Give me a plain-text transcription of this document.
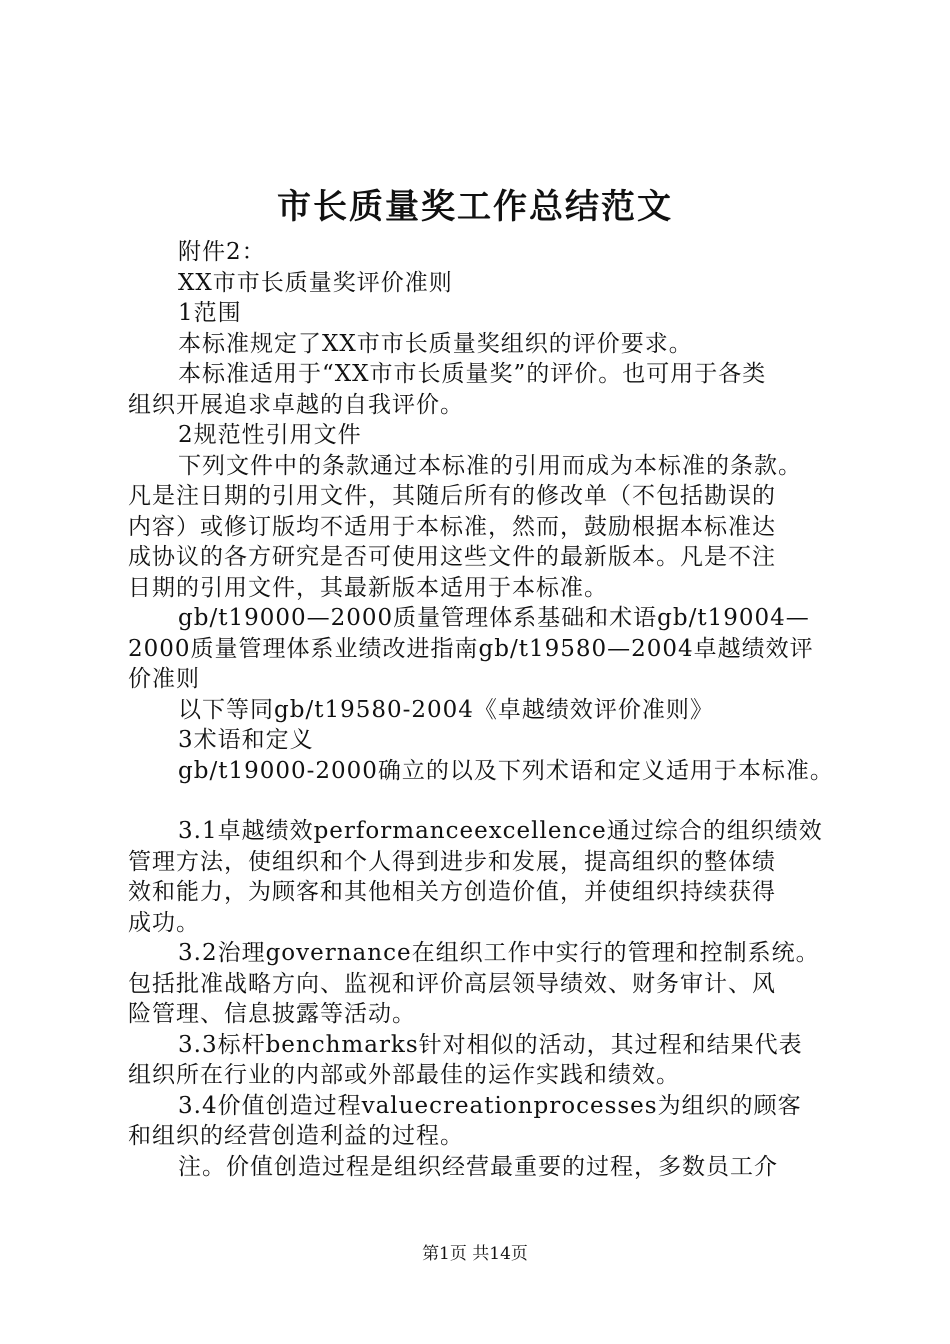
市长质量奖工作总结范文

附件2：

XX市市长质量奖评价准则

1范围

本标准规定了XX市市长质量奖组织的评价要求。

本标准适用于“XX市市长质量奖”的评价。也可用于各类

组织开展追求卓越的自我评价。

2规范性引用文件

下列文件中的条款通过本标准的引用而成为本标准的条款。

凡是注日期的引用文件，其随后所有的修改单（不包括勘误的

内容）或修订版均不适用于本标准，然而，鼓励根据本标准达

成协议的各方研究是否可使用这些文件的最新版本。凡是不注

日期的引用文件，其最新版本适用于本标准。

gb/t19000—2000质量管理体系基础和术语gb/t19004—

2000质量管理体系业绩改进指南gb/t19580—2004卓越绩效评

价准则

以下等同gb/t19580-2004《卓越绩效评价准则》

3术语和定义

gb/t19000-2000确立的以及下列术语和定义适用于本标准。

3.1卓越绩效performanceexcellence通过综合的组织绩效

管理方法，使组织和个人得到进步和发展，提高组织的整体绩

效和能力，为顾客和其他相关方创造价值，并使组织持续获得

成功。

3.2治理governance在组织工作中实行的管理和控制系统。

包括批准战略方向、监视和评价高层领导绩效、财务审计、风

险管理、信息披露等活动。

3.3标杆benchmarks针对相似的活动，其过程和结果代表

组织所在行业的内部或外部最佳的运作实践和绩效。

3.4价值创造过程valuecreationprocesses为组织的顾客

和组织的经营创造利益的过程。

注。价值创造过程是组织经营最重要的过程，多数员工介

第1页 共14页
